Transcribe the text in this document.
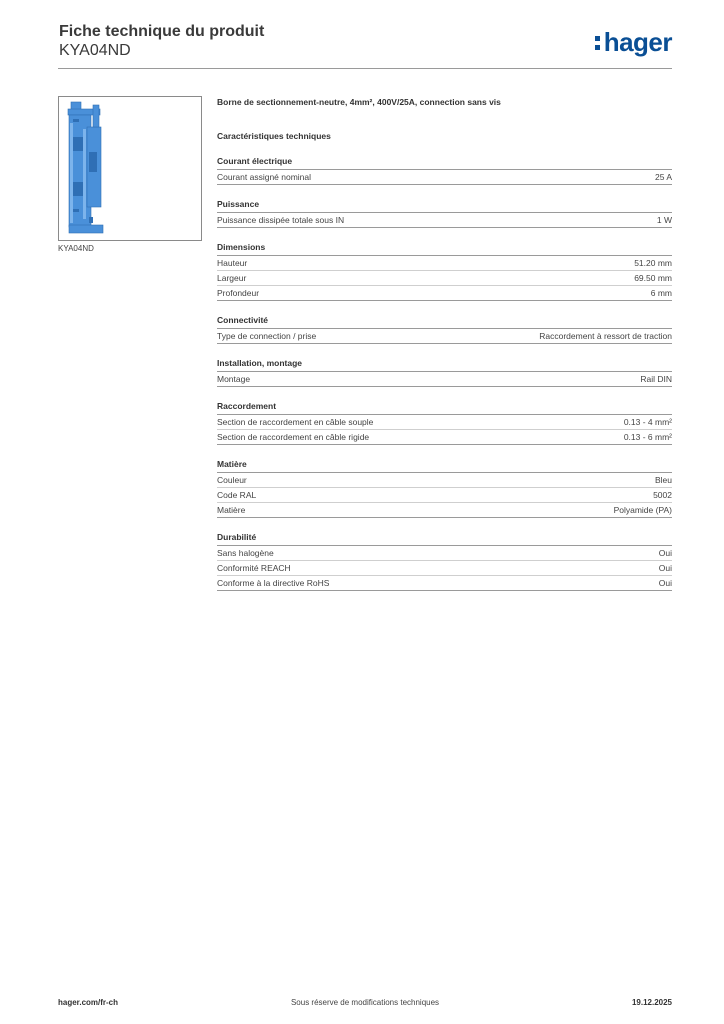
Fiche technique du produit
KYA04ND	hager
KYA04ND
Borne de sectionnement-neutre, 4mm², 400V/25A, connection sans vis
Caractéristiques techniques
Courant électrique
Courant assigné nominal	25 A
Puissance
Puissance dissipée totale sous IN	1 W
Dimensions
Hauteur	51.20 mm
Largeur	69.50 mm
Profondeur	6 mm
Connectivité
Type de connection / prise	Raccordement à ressort de traction
Installation, montage
Montage	Rail DIN
Raccordement
Section de raccordement en câble souple	0.13 - 4 mm²
Section de raccordement en câble rigide	0.13 - 6 mm²
Matière
Couleur	Bleu
Code RAL	5002
Matière	Polyamide (PA)
Durabilité
Sans halogène	Oui
Conformité REACH	Oui
Conforme à la directive RoHS	Oui
hager.com/fr-ch	Sous réserve de modifications techniques	19.12.2025
